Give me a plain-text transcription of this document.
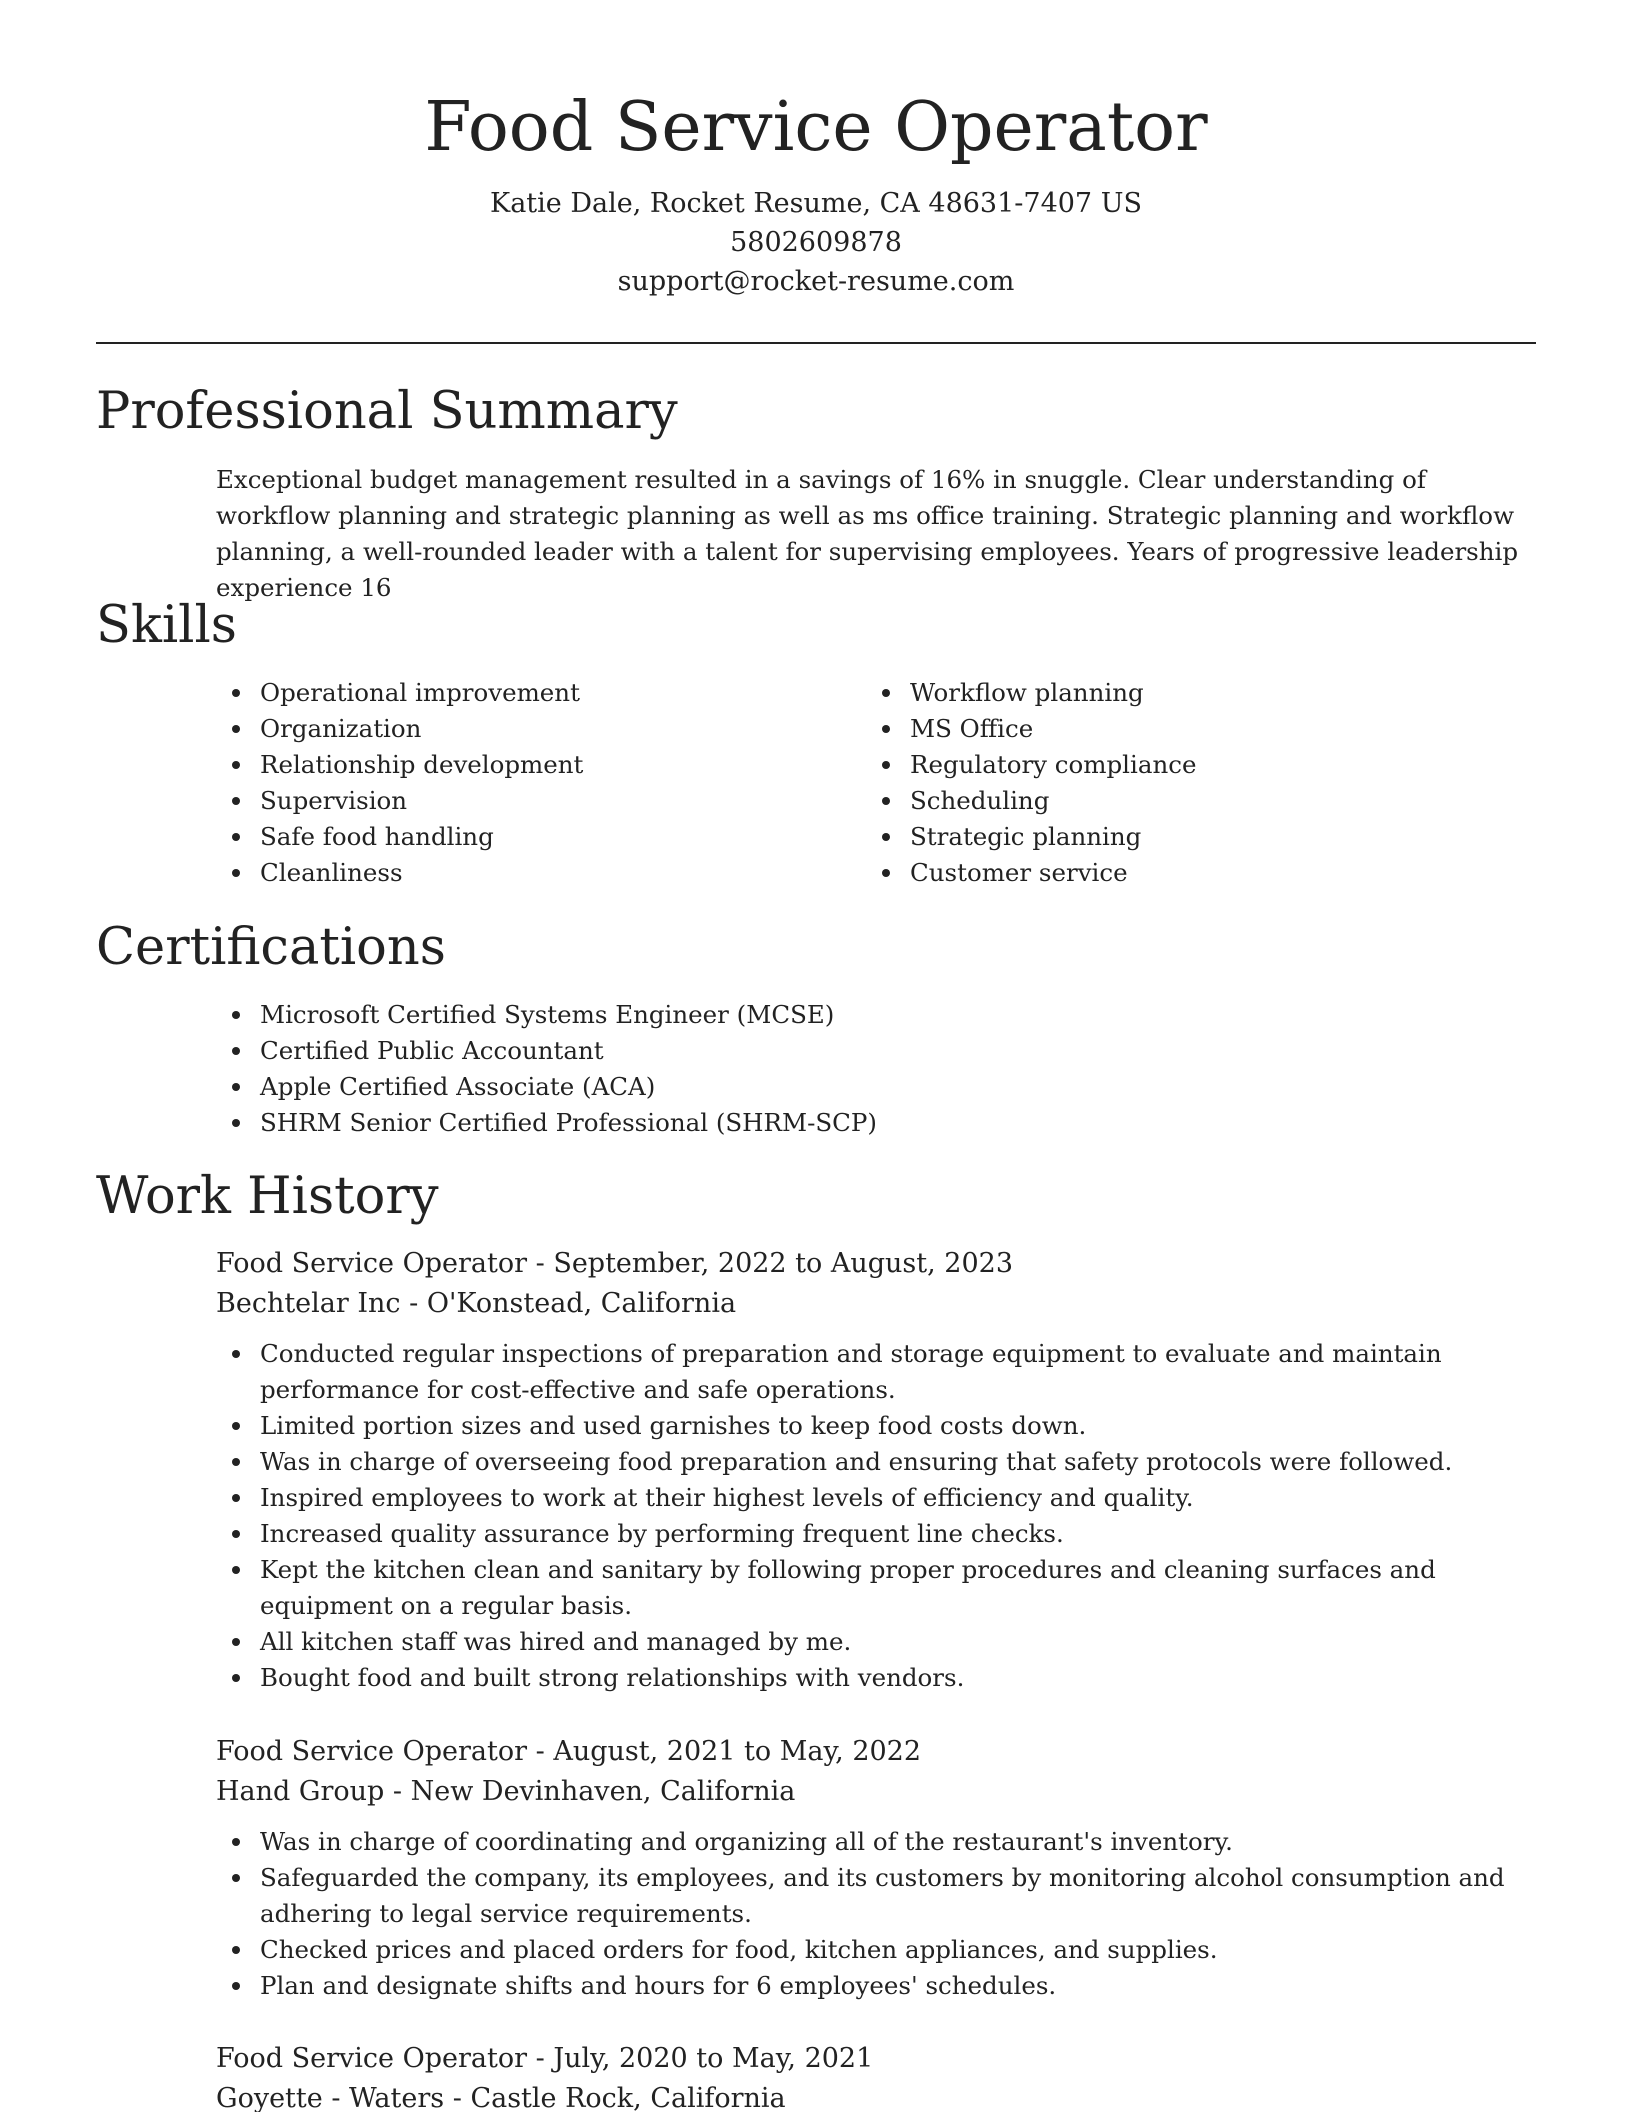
Food Service Operator
Katie Dale, Rocket Resume, CA 48631-7407 US
5802609878
support@rocket-resume.com
Professional Summary

Exceptional budget management resulted in a savings of 16% in snuggle. Clear understanding of workflow planning and strategic planning as well as ms office training. Strategic planning and workflow planning, a well-rounded leader with a talent for supervising employees. Years of progressive leadership experience 16

Skills
Operational improvement
Organization
Relationship development
Supervision
Safe food handling
Cleanliness
Workflow planning
MS Office
Regulatory compliance
Scheduling
Strategic planning
Customer service
Certifications
Microsoft Certified Systems Engineer (MCSE)
Certified Public Accountant
Apple Certified Associate (ACA)
SHRM Senior Certified Professional (SHRM-SCP)
Work History
Food Service Operator - September, 2022 to August, 2023
Bechtelar Inc - O'Konstead, California
Conducted regular inspections of preparation and storage equipment to evaluate and maintain performance for cost-effective and safe operations.
Limited portion sizes and used garnishes to keep food costs down.
Was in charge of overseeing food preparation and ensuring that safety protocols were followed.
Inspired employees to work at their highest levels of efficiency and quality.
Increased quality assurance by performing frequent line checks.
Kept the kitchen clean and sanitary by following proper procedures and cleaning surfaces and equipment on a regular basis.
All kitchen staff was hired and managed by me.
Bought food and built strong relationships with vendors.
Food Service Operator - August, 2021 to May, 2022
Hand Group - New Devinhaven, California
Was in charge of coordinating and organizing all of the restaurant's inventory.
Safeguarded the company, its employees, and its customers by monitoring alcohol consumption and adhering to legal service requirements.
Checked prices and placed orders for food, kitchen appliances, and supplies.
Plan and designate shifts and hours for 6 employees' schedules.
Food Service Operator - July, 2020 to May, 2021
Goyette - Waters - Castle Rock, California
